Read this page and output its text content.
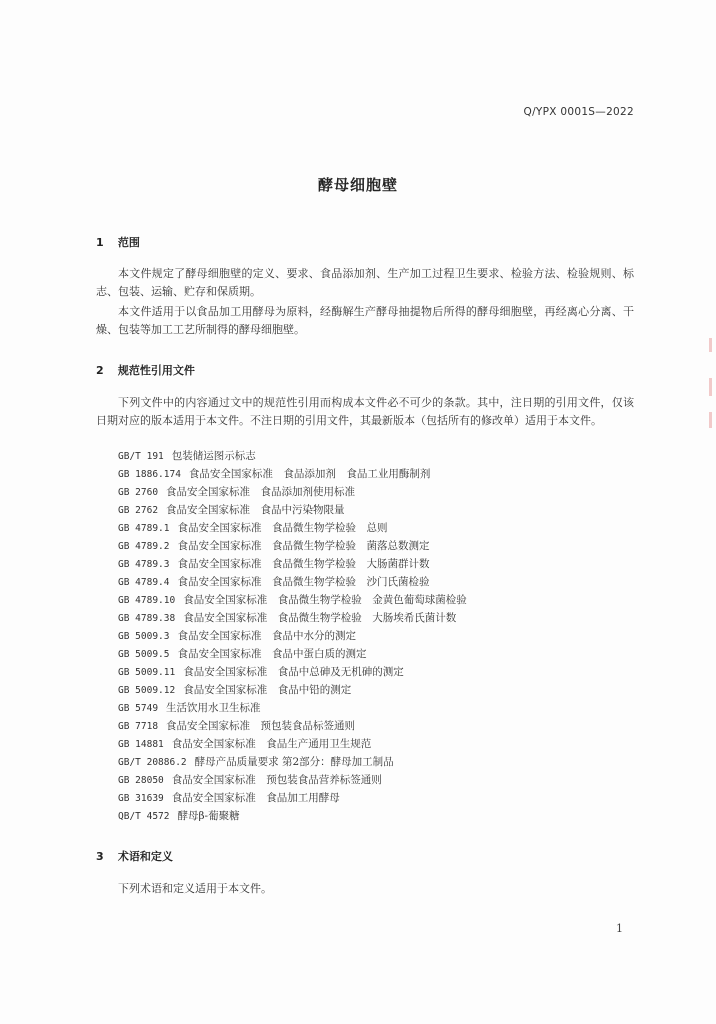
Q/YPX 0001S—2022
酵母细胞壁
1 范围

本文件规定了酵母细胞壁的定义、要求、食品添加剂、生产加工过程卫生要求、检验方法、检验规则、标志、包装、运输、贮存和保质期。

本文件适用于以食品加工用酵母为原料，经酶解生产酵母抽提物后所得的酵母细胞壁，再经离心分离、干燥、包装等加工工艺所制得的酵母细胞壁。

2 规范性引用文件

下列文件中的内容通过文中的规范性引用而构成本文件必不可少的条款。其中，注日期的引用文件，仅该日期对应的版本适用于本文件。不注日期的引用文件，其最新版本（包括所有的修改单）适用于本文件。

GB/T 191 包装储运图示标志
GB 1886.174 食品安全国家标准　食品添加剂　食品工业用酶制剂
GB 2760 食品安全国家标准　食品添加剂使用标准
GB 2762 食品安全国家标准　食品中污染物限量
GB 4789.1 食品安全国家标准　食品微生物学检验　总则
GB 4789.2 食品安全国家标准　食品微生物学检验　菌落总数测定
GB 4789.3 食品安全国家标准　食品微生物学检验　大肠菌群计数
GB 4789.4 食品安全国家标准　食品微生物学检验　沙门氏菌检验
GB 4789.10 食品安全国家标准　食品微生物学检验　金黄色葡萄球菌检验
GB 4789.38 食品安全国家标准　食品微生物学检验　大肠埃希氏菌计数
GB 5009.3 食品安全国家标准　食品中水分的测定
GB 5009.5 食品安全国家标准　食品中蛋白质的测定
GB 5009.11 食品安全国家标准　食品中总砷及无机砷的测定
GB 5009.12 食品安全国家标准　食品中铅的测定
GB 5749 生活饮用水卫生标准
GB 7718 食品安全国家标准　预包装食品标签通则
GB 14881 食品安全国家标准　食品生产通用卫生规范
GB/T 20886.2 酵母产品质量要求 第2部分：酵母加工制品
GB 28050 食品安全国家标准　预包装食品营养标签通则
GB 31639 食品安全国家标准　食品加工用酵母
QB/T 4572 酵母β-葡聚糖
3 术语和定义

下列术语和定义适用于本文件。

1
